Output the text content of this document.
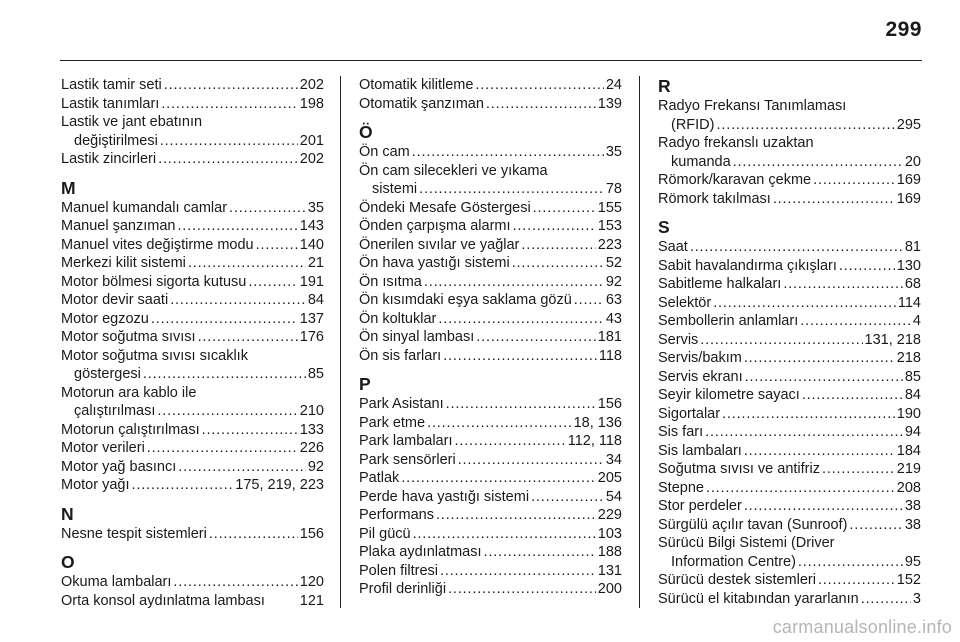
299
Lastik tamir seti . . .	202
Lastik tanımları . . .	198
Lastik ve jant ebatının
değiştirilmesi . . .	201
Lastik zincirleri . . .	202
M
Manuel kumandalı camlar . . .	35
Manuel şanzıman . . .	143
Manuel vites değiştirme modu . . .	140
Merkezi kilit sistemi . . .	21
Motor bölmesi sigorta kutusu . . .	191
Motor devir saati . . .	84
Motor egzozu . . .	137
Motor soğutma sıvısı . . .	176
Motor soğutma sıvısı sıcaklık
göstergesi . . .	85
Motorun ara kablo ile
çalıştırılması . . .	210
Motorun çalıştırılması . . .	133
Motor verileri . . .	226
Motor yağ basıncı . . .	92
Motor yağı . . .	175, 219, 223
N
Nesne tespit sistemleri . . .	156
O
Okuma lambaları . . .	120
Orta konsol aydınlatma lambası 121
Otomatik kilitleme . . .	24
Otomatik şanzıman . . .	139
Ö
Ön cam . . .	35
Ön cam silecekleri ve yıkama
sistemi . . .	78
Öndeki Mesafe Göstergesi . . .	155
Önden çarpışma alarmı . . .	153
Önerilen sıvılar ve yağlar . . .	223
Ön hava yastığı sistemi . . .	52
Ön ısıtma . . .	92
Ön kısımdaki eşya saklama gözü . . . 63
Ön koltuklar . . .	43
Ön sinyal lambası . . .	181
Ön sis farları . . .	118
P
Park Asistanı . . .	156
Park etme . . .	18, 136
Park lambaları . . .	112, 118
Park sensörleri . . .	34
Patlak . . .	205
Perde hava yastığı sistemi . . .	54
Performans . . .	229
Pil gücü . . .	103
Plaka aydınlatması . . .	188
Polen filtresi . . .	131
Profil derinliği . . .	200
R
Radyo Frekansı Tanımlaması
(RFID) . . .	295
Radyo frekanslı uzaktan
kumanda . . .	20
Römork/karavan çekme . . .	169
Römork takılması . . .	169
S
Saat . . .	81
Sabit havalandırma çıkışları . . .	130
Sabitleme halkaları . . .	68
Selektör . . .	114
Sembollerin anlamları . . .	4
Servis . . .	131, 218
Servis/bakım . . .	218
Servis ekranı . . .	85
Seyir kilometre sayacı . . .	84
Sigortalar . . .	190
Sis farı . . .	94
Sis lambaları . . .	184
Soğutma sıvısı ve antifriz . . .	219
Stepne . . .	208
Stor perdeler . . .	38
Sürgülü açılır tavan (Sunroof) . . .	38
Sürücü Bilgi Sistemi (Driver
Information Centre) . . .	95
Sürücü destek sistemleri . . .	152
Sürücü el kitabından yararlanın . . .	3
carmanualsonline.info
